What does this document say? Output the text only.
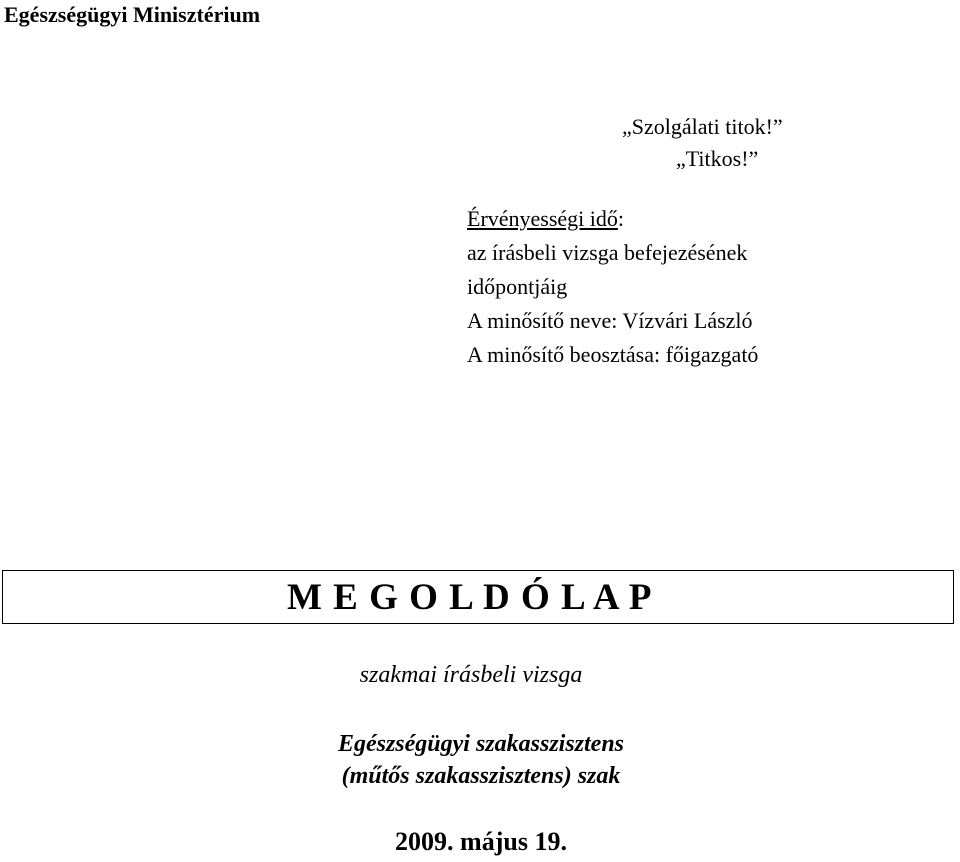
Egészségügyi Minisztérium
„Szolgálati titok!”
„Titkos!”
Érvényességi idő:
az írásbeli vizsga befejezésének
időpontjáig
A minősítő neve: Vízvári László
A minősítő beosztása: főigazgató
M E G O L D Ó L A P
szakmai írásbeli vizsga
Egészségügyi szakasszisztens
(műtős szakasszisztens) szak
2009. május 19.
